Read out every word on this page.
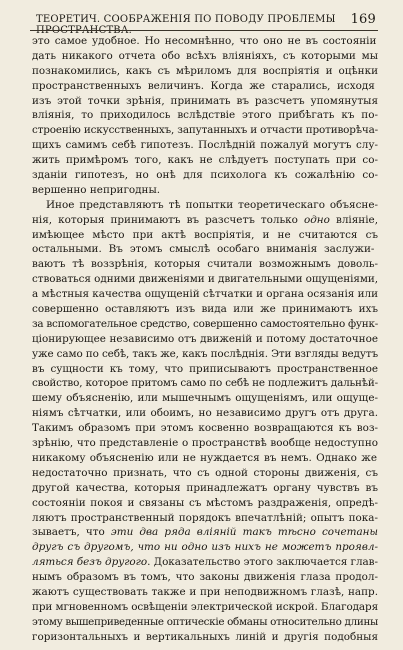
ТЕОРЕТИЧ. СООБРАЖЕНІЯ ПО ПОВОДУ ПРОБЛЕМЫ ПРОСТРАНСТВА.
169
это самое удобное. Но несомнѣнно, что оно не въ состояніи
дать никакого отчета обо всѣхъ вліяніяхъ, съ которыми мы
познакомились, какъ съ мѣриломъ для воспріятія и оцѣнки
пространственныхъ величинъ. Когда же старались, исходя
изъ этой точки зрѣнія, принимать въ разсчетъ упомянутыя
вліянія, то приходилось вслѣдствіе этого прибѣгать къ по-
строенію искусственныхъ, запутанныхъ и отчасти противорѣча-
щихъ самимъ себѣ гипотезъ. Послѣдній пожалуй могутъ слу-
жить примѣромъ того, какъ не слѣдуетъ поступать при со-
зданіи гипотезъ, но онѣ для психолога къ сожалѣнію со-
вершенно непригодны.
Иное представляютъ тѣ попытки теоретическаго объясне-
нія, которыя принимаютъ въ разсчетъ только одно вліяніе,
имѣющее мѣсто при актѣ воспріятія, и не считаются съ
остальными. Въ этомъ смыслѣ особаго вниманія заслужи-
ваютъ тѣ воззрѣнія, которыя считали возможнымъ доволь-
ствоваться одними движеніями и двигательными ощущеніями,
а мѣстныя качества ощущеній сѣтчатки и органа осязанія или
совершенно оставляютъ изъ вида или же принимаютъ ихъ
за вспомогательное средство, совершенно самостоятельно функ-
ціонирующее независимо отъ движеній и потому достаточное
уже само по себѣ, такъ же, какъ послѣднія. Эти взгляды ведутъ
въ сущности къ тому, что приписываютъ пространственное
свойство, которое притомъ само по себѣ не подлежитъ дальнѣй-
шему объясненію, или мышечнымъ ощущеніямъ, или ощуще-
ніямъ сѣтчатки, или обоимъ, но независимо другъ отъ друга.
Такимъ образомъ при этомъ косвенно возвращаются къ воз-
зрѣнію, что представленіе о пространствѣ вообще недоступно
никакому объясненію или не нуждается въ немъ. Однако же
недостаточно признать, что съ одной стороны движенія, съ
другой качества, которыя принадлежатъ органу чувствъ въ
состояніи покоя и связаны съ мѣстомъ раздраженія, опредѣ-
ляютъ пространственный порядокъ впечатлѣній; опытъ пока-
зываетъ, что эти два ряда вліяній такъ тѣсно сочетаны
другъ съ другомъ, что ни одно изъ нихъ не можетъ проявл-
ляться безъ другого. Доказательство этого заключается глав-
нымъ образомъ въ томъ, что законы движенія глаза продол-
жаютъ существовать также и при неподвижномъ глазѣ, напр.
при мгновенномъ освѣщеніи электрической искрой. Благодаря
этому вышеприведенные оптическіе обманы относительно длины
горизонтальныхъ и вертикальныхъ линій и другія подобныя
